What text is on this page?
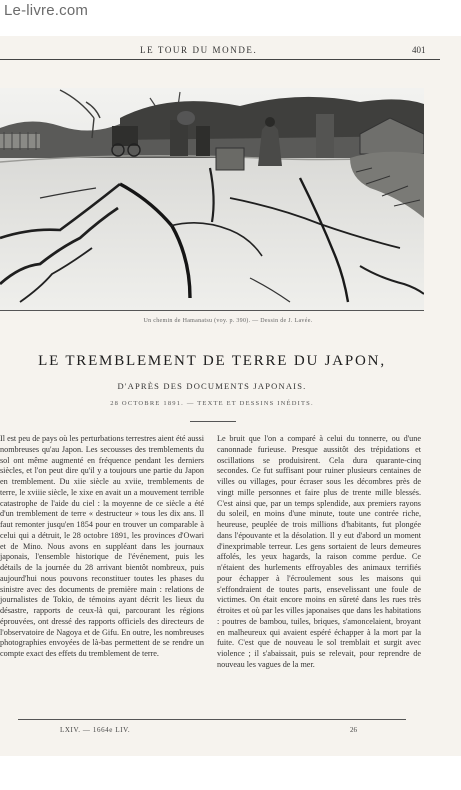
Le-livre.com
LE TOUR DU MONDE.	401
Un chemin de Hamanatsu (voy. p. 390). — Dessin de J. Lavée.
LE TREMBLEMENT DE TERRE DU JAPON,
D'APRÈS DES DOCUMENTS JAPONAIS.
28 OCTOBRE 1891. — TEXTE ET DESSINS INÉDITS.

Il est peu de pays où les perturbations terrestres aient été aussi nombreuses qu'au Japon. Les secousses des tremblements du sol ont même augmenté en fréquence pendant les derniers siècles, et l'on peut dire qu'il y a toujours une partie du Japon en tremblement. Du xiie siècle au xviie, tremblements de terre, le xviiie siècle, le xixe en avait un a mouvement terrible catastrophe de l'aide du ciel : la moyenne de ce siècle a été d'un tremblement de terre « destructeur » tous les dix ans. Il faut remonter jusqu'en 1854 pour en trouver un comparable à celui qui a détruit, le 28 octobre 1891, les provinces d'Owari et de Mino. Nous avons en suppléant dans les journaux japonais, l'ensemble historique de l'événement, puis les détails de la journée du 28 arrivant bientôt nombreux, puis aujourd'hui nous pouvons reconstituer toutes les phases du sinistre avec des documents de première main : relations de journalistes de Tokio, de témoins ayant décrit les lieux du désastre, rapports de ceux-là qui, parcourant les régions éprouvées, ont dressé des rapports officiels des directeurs de l'observatoire de Nagoya et de Gifu. En outre, les nombreuses photographies envoyées de là-bas permettent de se rendre un compte exact des effets du tremblement de terre.

Le bruit que l'on a comparé à celui du tonnerre, ou d'une canonnade furieuse. Presque aussitôt des trépidations et oscillations se produisirent. Cela dura quarante-cinq secondes. Ce fut suffisant pour ruiner plusieurs centaines de villes ou villages, pour écraser sous les décombres près de vingt mille personnes et faire plus de trente mille blessés. C'est ainsi que, par un temps splendide, aux premiers rayons du soleil, en moins d'une minute, toute une contrée riche, heureuse, peuplée de trois millions d'habitants, fut plongée dans l'épouvante et la désolation. Il y eut d'abord un moment d'inexprimable terreur. Les gens sortaient de leurs demeures affolés, les yeux hagards, la raison comme perdue. Ce n'étaient des hurlements effroyables des animaux terrifiés pour échapper à l'écroulement sous les maisons qui s'effondraient de toutes parts, ensevelissant une foule de victimes. On était encore moins en sûreté dans les rues très étroites et où par les villes japonaises que dans les habitations : poutres de bambou, tuiles, briques, s'amoncelaient, broyant en malheureux qui avaient espéré échapper à la mort par la fuite. C'est que de nouveau le sol tremblait et surgit avec violence ; il s'abaissait, puis se relevait, pour reprendre de nouveau les vagues de la mer.

LXIV. — 1664e LIV.	26
